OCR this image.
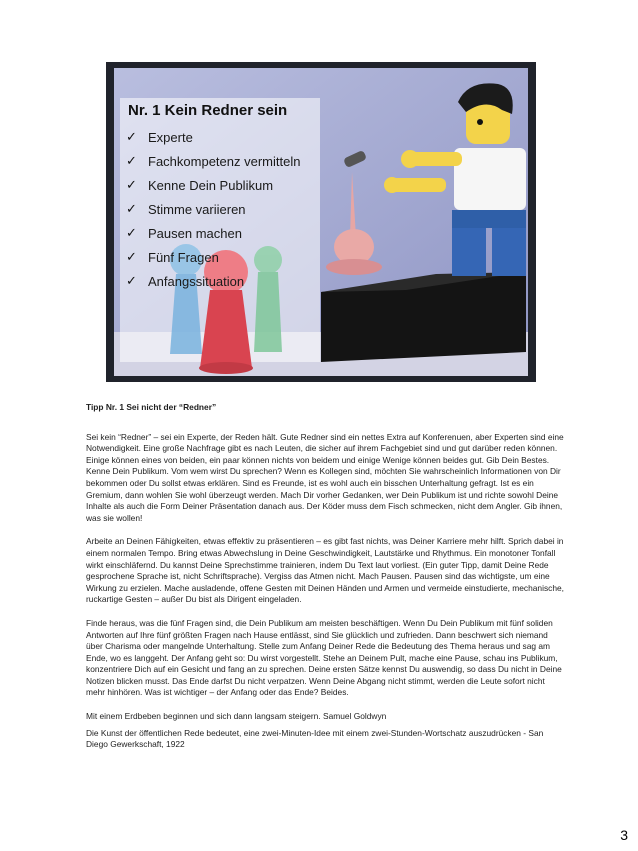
Nr. 1 Kein Redner sein
✓ Experte
✓ Fachkompetenz vermitteln
✓ Kenne Dein Publikum
✓ Stimme variieren
✓ Pausen machen
✓ Fünf Fragen
✓ Anfangssituation
Tipp Nr. 1 Sei nicht der “Redner”

Sei kein “Redner” – sei ein Experte, der Reden hält. Gute Redner sind ein nettes Extra auf Konferenuen, aber Experten sind eine Notwendigkeit. Eine große Nachfrage gibt es nach Leuten, die sicher auf ihrem Fachgebiet sind und gut darüber reden können. Einige können eines von beiden, ein paar können nichts von beidem und einige Wenige können beides gut. Gib Dein Bestes. Kenne Dein Publikum. Vom wem wirst Du sprechen? Wenn es Kollegen sind, möchten Sie wahrscheinlich Informationen von Dir bekommen oder Du sollst etwas erklären. Sind es Freunde, ist es wohl auch ein bisschen Unterhaltung gefragt. Ist es ein Gremium, dann wohlen Sie wohl überzeugt werden. Mach Dir vorher Gedanken, wer Dein Publikum ist und richte sowohl Deine Inhalte als auch die Form Deiner Präsentation danach aus. Der Köder muss dem Fisch schmecken, nicht dem Angler. Gib ihnen, was sie wollen!

Arbeite an Deinen Fähigkeiten, etwas effektiv zu präsentieren – es gibt fast nichts, was Deiner Karriere mehr hilft. Sprich dabei in einem normalen Tempo. Bring etwas Abwechslung in Deine Geschwindigkeit, Lautstärke und Rhythmus. Ein monotoner Tonfall wirkt einschläfernd. Du kannst Deine Sprechstimme trainieren, indem Du Text laut vorliest. (Ein guter Tipp, damit Deine Rede gesprochene Sprache ist, nicht Schriftsprache). Vergiss das Atmen nicht. Mach Pausen. Pausen sind das wichtigste, um eine Wirkung zu erzielen. Mache ausladende, offene Gesten mit Deinen Händen und Armen und vermeide einstudierte, mechanische, ruckartige Gesten – außer Du bist als Dirigent eingeladen.

Finde heraus, was die fünf Fragen sind, die Dein Publikum am meisten beschäftigen. Wenn Du Dein Publikum mit fünf soliden Antworten auf Ihre fünf größten Fragen nach Hause entlässt, sind Sie glücklich und zufrieden. Dann beschwert sich niemand über Charisma oder mangelnde Unterhaltung. Stelle zum Anfang Deiner Rede die Bedeutung des Thema heraus und sag am Ende, wo es langgeht. Der Anfang geht so: Du wirst vorgestellt. Stehe an Deinem Pult, mache eine Pause, schau ins Publikum, konzentriere Dich auf ein Gesicht und fang an zu sprechen. Deine ersten Sätze kennst Du auswendig, so dass Du nicht in Deine Notizen blicken musst. Das Ende darfst Du nicht verpatzen. Wenn Deine Abgang nicht stimmt, werden die Leute sofort nicht mehr hinhören. Was ist wichtiger – der Anfang oder das Ende? Beides.

Mit einem Erdbeben beginnen und sich dann langsam steigern. Samuel Goldwyn

Die Kunst der öffentlichen Rede bedeutet, eine zwei-Minuten-Idee mit einem zwei-Stunden-Wortschatz auszudrücken - San Diego Gewerkschaft, 1922

3
